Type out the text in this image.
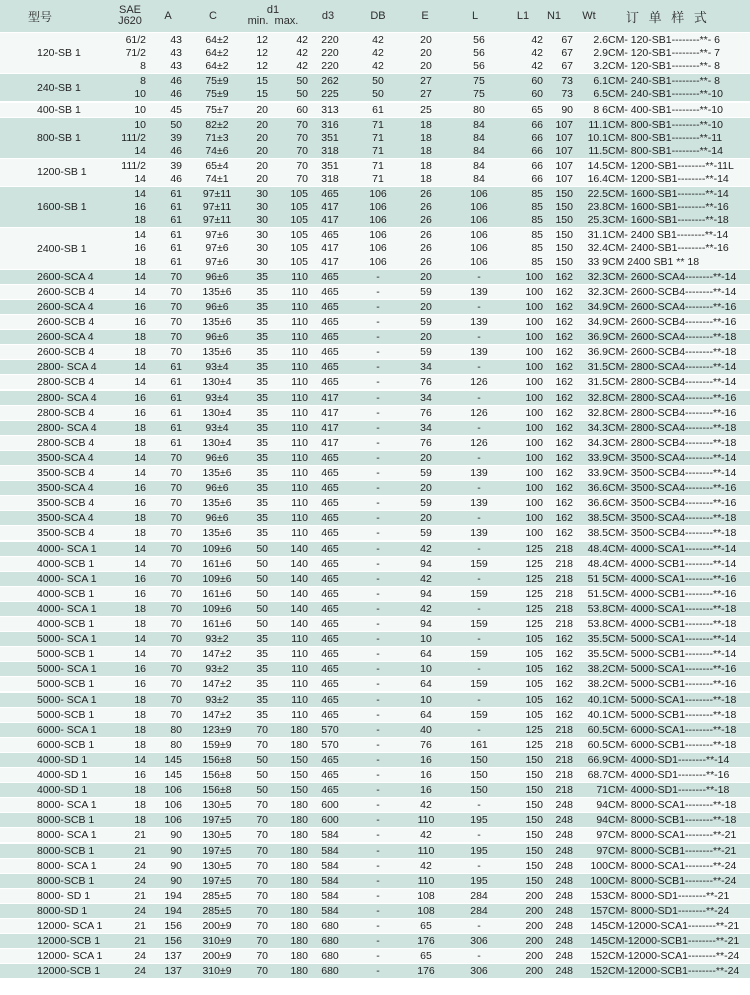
型号	SAE
J620	A	C	d1
min. max.	d3	DB	E	L	L1	N1	Wt	订 单 样 式
120-SB 1
61/2	43	64±2	12	42	220	42	20	56	42	67	2.6 CM- 120-SB1--------**- 6
71/2	43	64±2	12	42	220	42	20	56	42	67	2.9 CM- 120-SB1--------**- 7
8	43	64±2	12	42	220	42	20	56	42	67	3.2 CM- 120-SB1--------**- 8
240-SB 1
8	46	75±9	15	50	262	50	27	75	60	73	6.1 CM- 240-SB1--------**- 8
10	46	75±9	15	50	225	50	27	75	60	73	6.5 CM- 240-SB1--------**-10
400-SB 1	10	45	75±7	20	60	313	61	25	80	65	90	8 6 CM- 400-SB1--------**-10
800-SB 1
10	50	82±2	20	70	316	71	18	84	66	107	11.1 CM- 800-SB1--------**-10
111/2	39	71±3	20	70	351	71	18	84	66	107	10.1 CM- 800-SB1--------**-11
14	46	74±6	20	70	318	71	18	84	66	107	11.5 CM- 800-SB1--------**-14
1200-SB 1
111/2	39	65±4	20	70	351	71	18	84	66	107	14.5 CM- 1200-SB1--------**-11L
14	46	74±1	20	70	318	71	18	84	66	107	16.4 CM- 1200-SB1--------**-14
1600-SB 1
14	61	97±11	30	105	465	106	26	106	85	150	22.5 CM- 1600-SB1--------**-14
16	61	97±11	30	105	417	106	26	106	85	150	23.8 CM- 1600-SB1--------**-16
18	61	97±11	30	105	417	106	26	106	85	150	25.3 CM- 1600-SB1--------**-18
2400-SB 1
14	61	97±6	30	105	465	106	26	106	85	150	31.1 CM- 2400 SB1--------**-14
16	61	97±6	30	105	417	106	26	106	85	150	32.4 CM- 2400-SB1--------**-16
18	61	97±6	30	105	417	106	26	106	85	150	33 9 CM 2400 SB1 ** 18
2600-SCA 4	14	70	96±6	35	110	465	-	20	-	100	162	32.3 CM- 2600-SCA4--------**-14
2600-SCB 4	14	70	135±6	35	110	465	-	59	139	100	162	32.3 CM- 2600-SCB4--------**-14
2600-SCA 4	16	70	96±6	35	110	465	-	20	-	100	162	34.9 CM- 2600-SCA4--------**-16
2600-SCB 4	16	70	135±6	35	110	465	-	59	139	100	162	34.9 CM- 2600-SCB4--------**-16
2600-SCA 4	18	70	96±6	35	110	465	-	20	-	100	162	36.9 CM- 2600-SCA4--------**-18
2600-SCB 4	18	70	135±6	35	110	465	-	59	139	100	162	36.9 CM- 2600-SCB4--------**-18
2800- SCA 4	14	61	93±4	35	110	465	-	34	-	100	162	31.5 CM- 2800-SCA4--------**-14
2800-SCB 4	14	61	130±4	35	110	465	-	76	126	100	162	31.5 CM- 2800-SCB4--------**-14
2800- SCA 4	16	61	93±4	35	110	417	-	34	-	100	162	32.8 CM- 2800-SCA4--------**-16
2800-SCB 4	16	61	130±4	35	110	417	-	76	126	100	162	32.8 CM- 2800-SCB4--------**-16
2800- SCA 4	18	61	93±4	35	110	417	-	34	-	100	162	34.3 CM- 2800-SCA4--------**-18
2800-SCB 4	18	61	130±4	35	110	417	-	76	126	100	162	34.3 CM- 2800-SCB4--------**-18
3500-SCA 4	14	70	96±6	35	110	465	-	20	-	100	162	33.9 CM- 3500-SCA4--------**-14
3500-SCB 4	14	70	135±6	35	110	465	-	59	139	100	162	33.9 CM- 3500-SCB4--------**-14
3500-SCA 4	16	70	96±6	35	110	465	-	20	-	100	162	36.6 CM- 3500-SCA4--------**-16
3500-SCB 4	16	70	135±6	35	110	465	-	59	139	100	162	36.6 CM- 3500-SCB4--------**-16
3500-SCA 4	18	70	96±6	35	110	465	-	20	-	100	162	38.5 CM- 3500-SCA4--------**-18
3500-SCB 4	18	70	135±6	35	110	465	-	59	139	100	162	38.5 CM- 3500-SCB4--------**-18
4000- SCA 1	14	70	109±6	50	140	465	-	42	-	125	218	48.4 CM- 4000-SCA1--------**-14
4000-SCB 1	14	70	161±6	50	140	465	-	94	159	125	218	48.4 CM- 4000-SCB1--------**-14
4000- SCA 1	16	70	109±6	50	140	465	-	42	-	125	218	51 5 CM- 4000-SCA1--------**-16
4000-SCB 1	16	70	161±6	50	140	465	-	94	159	125	218	51.5 CM- 4000-SCB1--------**-16
4000- SCA 1	18	70	109±6	50	140	465	-	42	-	125	218	53.8 CM- 4000-SCA1--------**-18
4000-SCB 1	18	70	161±6	50	140	465	-	94	159	125	218	53.8 CM- 4000-SCB1--------**-18
5000- SCA 1	14	70	93±2	35	110	465	-	10	-	105	162	35.5 CM- 5000-SCA1--------**-14
5000-SCB 1	14	70	147±2	35	110	465	-	64	159	105	162	35.5 CM- 5000-SCB1--------**-14
5000- SCA 1	16	70	93±2	35	110	465	-	10	-	105	162	38.2 CM- 5000-SCA1--------**-16
5000-SCB 1	16	70	147±2	35	110	465	-	64	159	105	162	38.2 CM- 5000-SCB1--------**-16
5000- SCA 1	18	70	93±2	35	110	465	-	10	-	105	162	40.1 CM- 5000-SCA1--------**-18
5000-SCB 1	18	70	147±2	35	110	465	-	64	159	105	162	40.1 CM- 5000-SCB1--------**-18
6000- SCA 1	18	80	123±9	70	180	570	-	40	-	125	218	60.5 CM- 6000-SCA1--------**-18
6000-SCB 1	18	80	159±9	70	180	570	-	76	161	125	218	60.5 CM- 6000-SCB1--------**-18
4000-SD 1	14	145	156±8	50	150	465	-	16	150	150	218	66.9 CM- 4000-SD1--------**-14
4000-SD 1	16	145	156±8	50	150	465	-	16	150	150	218	68.7 CM- 4000-SD1--------**-16
4000-SD 1	18	106	156±8	50	150	465	-	16	150	150	218	71 CM- 4000-SD1--------**-18
8000- SCA 1	18	106	130±5	70	180	600	-	42	-	150	248	94 CM- 8000-SCA1--------**-18
8000-SCB 1	18	106	197±5	70	180	600	-	110	195	150	248	94 CM- 8000-SCB1--------**-18
8000- SCA 1	21	90	130±5	70	180	584	-	42	-	150	248	97 CM- 8000-SCA1--------**-21
8000-SCB 1	21	90	197±5	70	180	584	-	110	195	150	248	97 CM- 8000-SCB1--------**-21
8000- SCA 1	24	90	130±5	70	180	584	-	42	-	150	248	100 CM- 8000-SCA1--------**-24
8000-SCB 1	24	90	197±5	70	180	584	-	110	195	150	248	100 CM- 8000-SCB1--------**-24
8000- SD 1	21	194	285±5	70	180	584	-	108	284	200	248	153 CM- 8000-SD1--------**-21
8000-SD 1	24	194	285±5	70	180	584	-	108	284	200	248	157 CM- 8000-SD1--------**-24
12000- SCA 1	21	156	200±9	70	180	680	-	65	-	200	248	145 CM-12000-SCA1--------**-21
12000-SCB 1	21	156	310±9	70	180	680	-	176	306	200	248	145 CM-12000-SCB1--------**-21
12000- SCA 1	24	137	200±9	70	180	680	-	65	-	200	248	152 CM-12000-SCA1--------**-24
12000-SCB 1	24	137	310±9	70	180	680	-	176	306	200	248	152 CM-12000-SCB1--------**-24
